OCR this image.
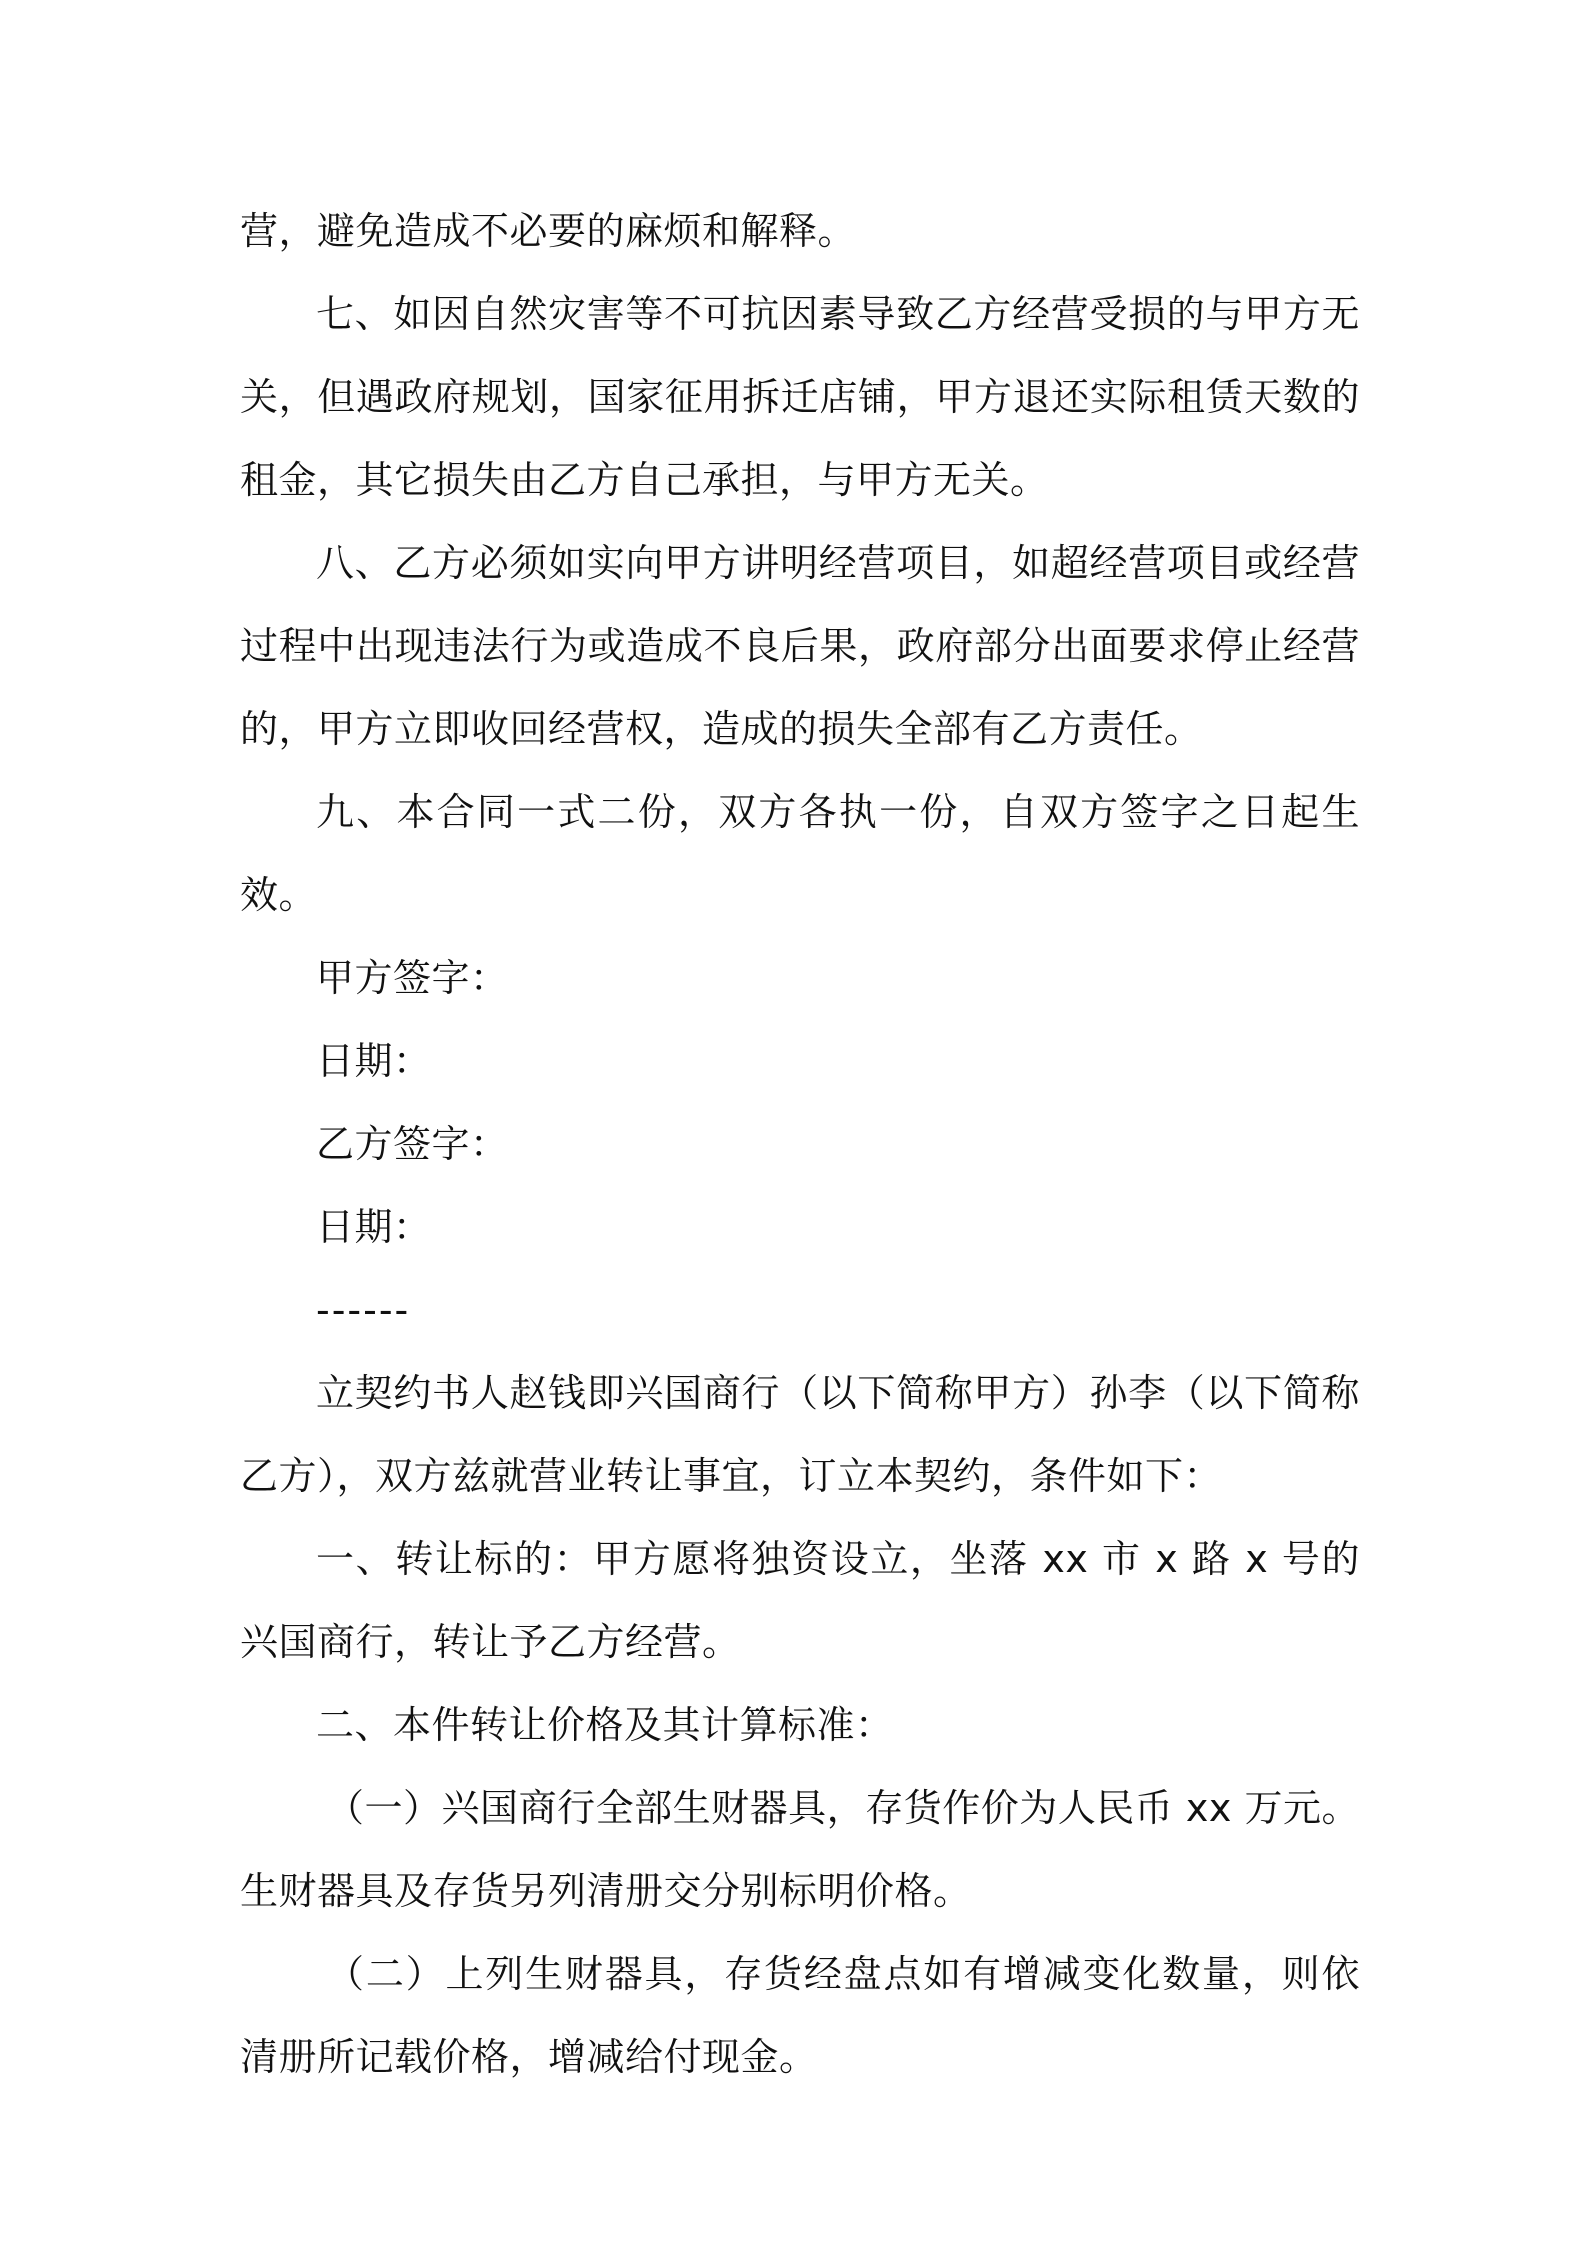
营，避免造成不必要的麻烦和解释。

七、如因自然灾害等不可抗因素导致乙方经营受损的与甲方无关，但遇政府规划，国家征用拆迁店铺，甲方退还实际租赁天数的租金，其它损失由乙方自己承担，与甲方无关。

八、乙方必须如实向甲方讲明经营项目，如超经营项目或经营过程中出现违法行为或造成不良后果，政府部分出面要求停止经营的，甲方立即收回经营权，造成的损失全部有乙方责任。

九、本合同一式二份，双方各执一份，自双方签字之日起生效。

甲方签字：

日期：

乙方签字：

日期：

------

立契约书人赵钱即兴国商行（以下简称甲方）孙李（以下简称乙方），双方兹就营业转让事宜，订立本契约，条件如下：

一、转让标的：甲方愿将独资设立，坐落 xx 市 x 路 x 号的兴国商行，转让予乙方经营。

二、本件转让价格及其计算标准：

（一）兴国商行全部生财器具，存货作价为人民币 xx 万元。生财器具及存货另列清册交分别标明价格。

（二）上列生财器具，存货经盘点如有增减变化数量，则依清册所记载价格，增减给付现金。
